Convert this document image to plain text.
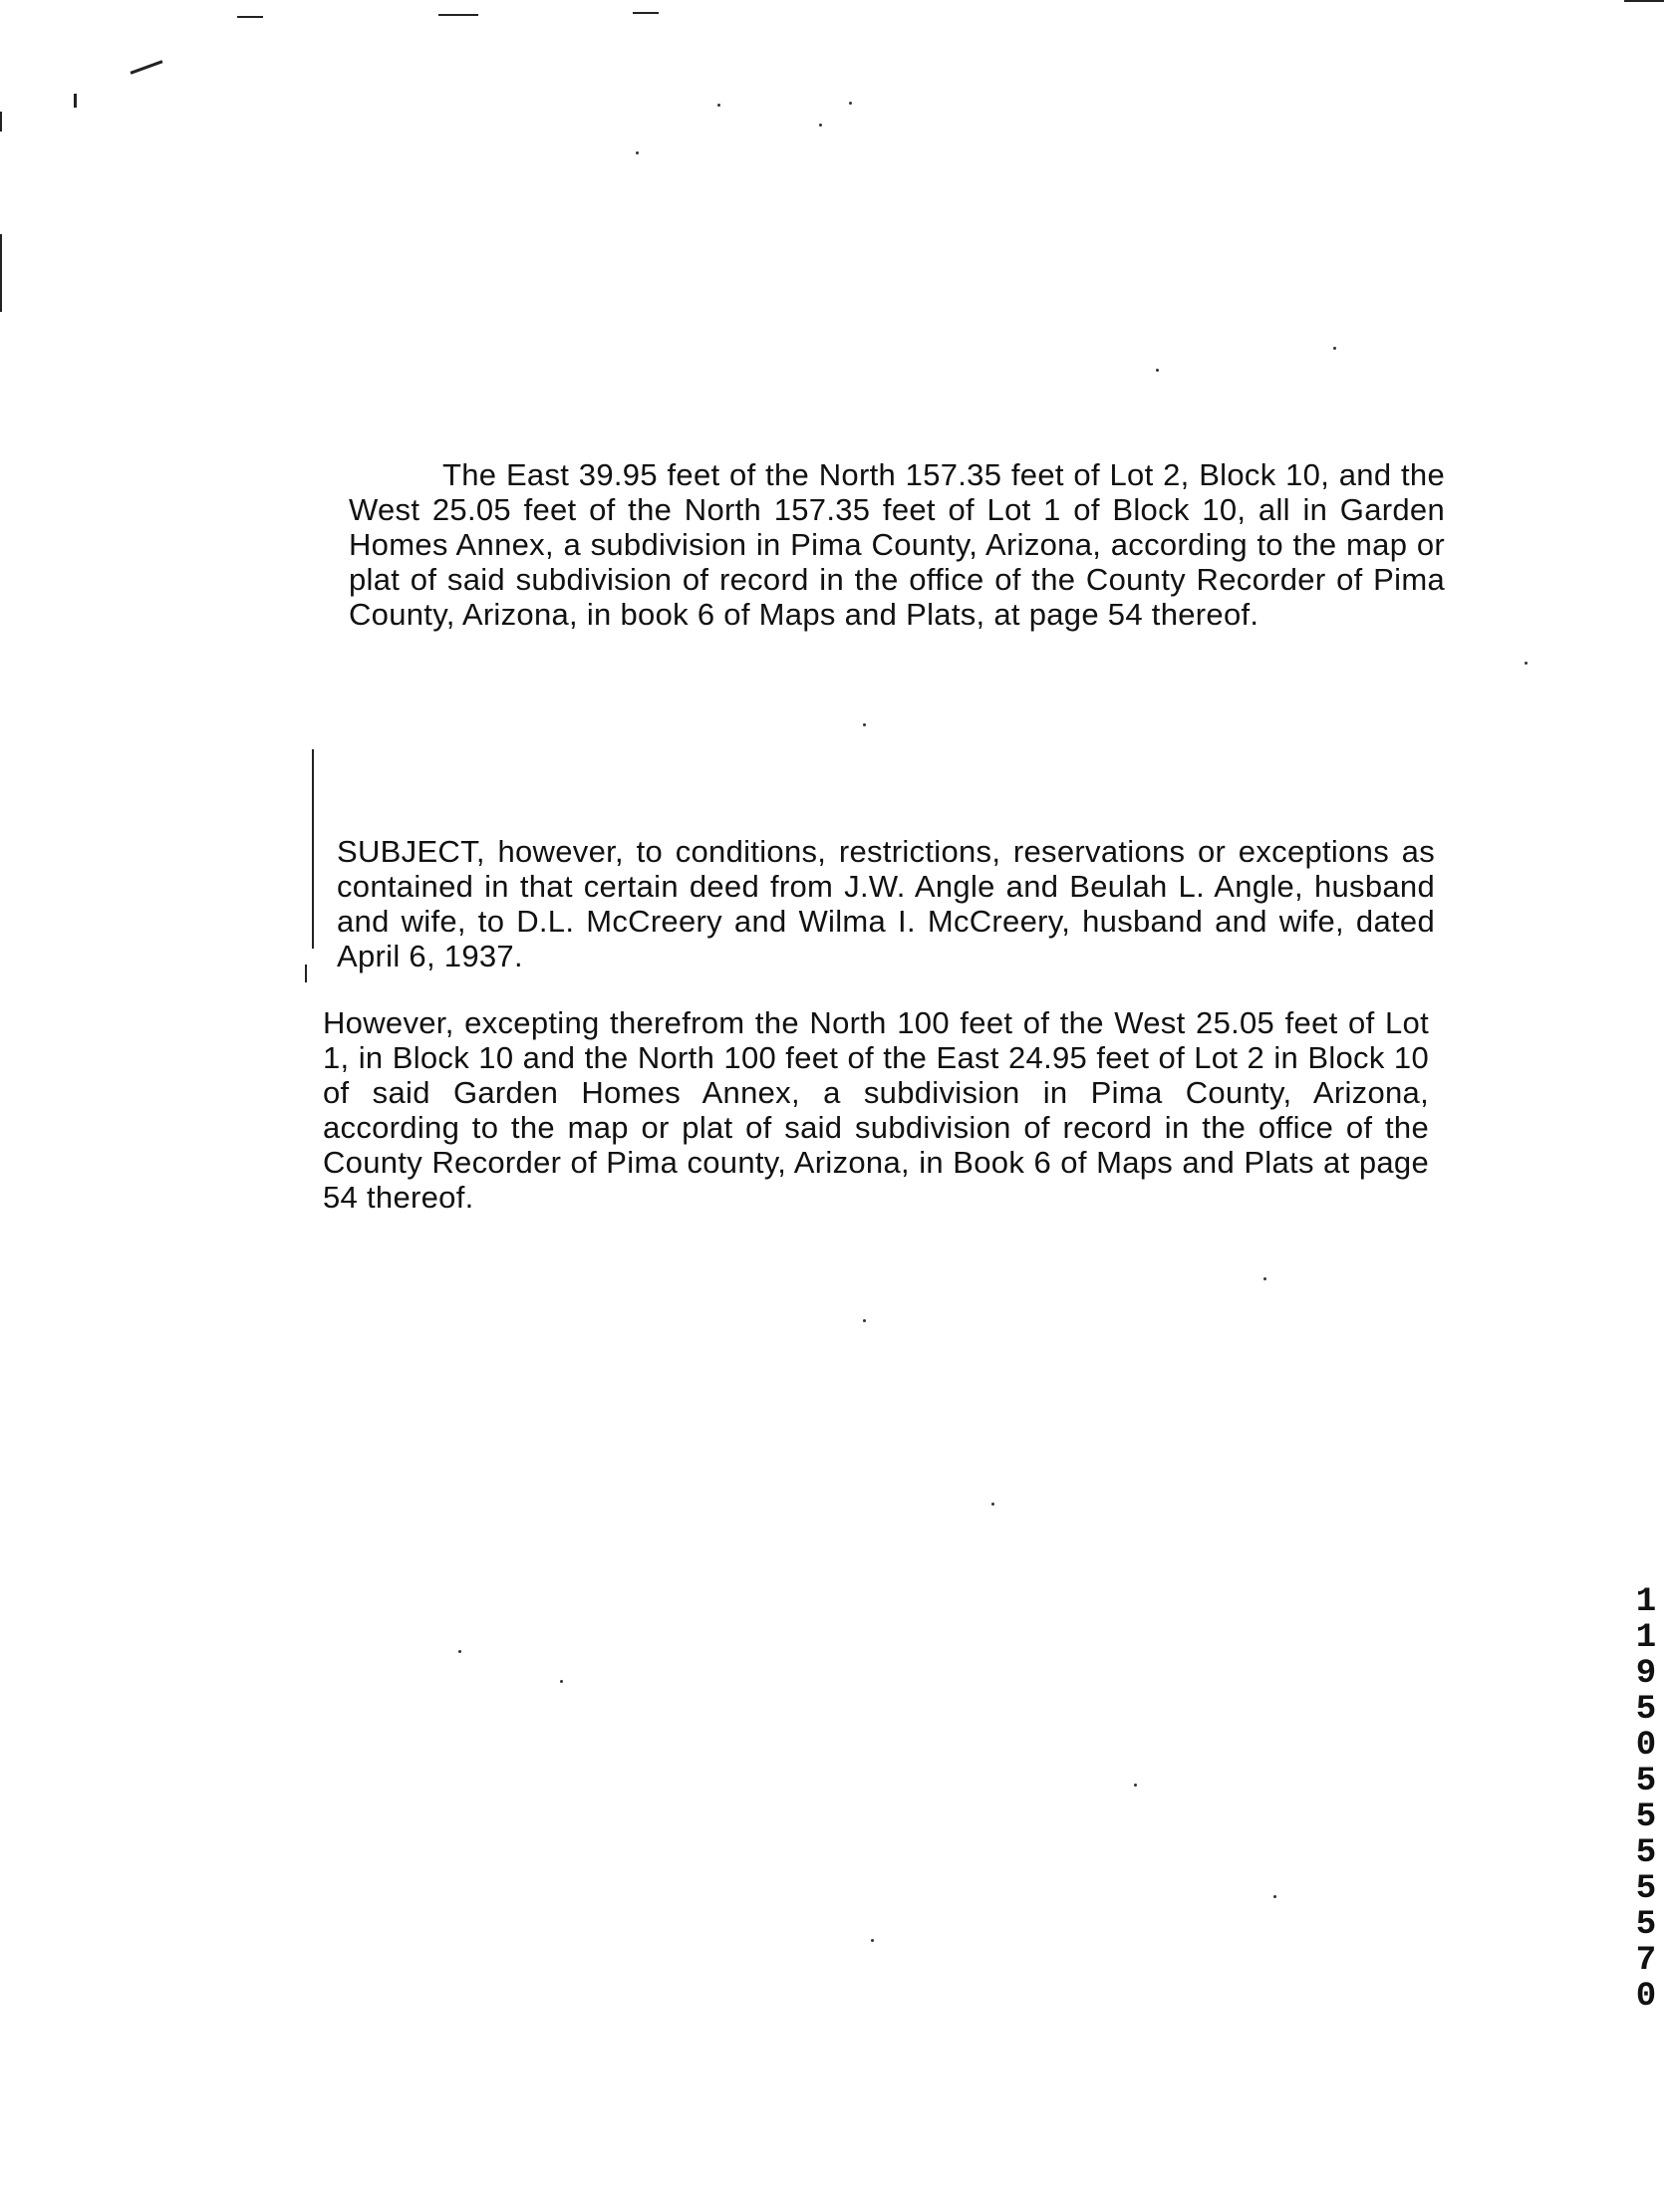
The East 39.95 feet of the North 157.35 feet of Lot 2, Block 10, and the West 25.05 feet of the North 157.35 feet of Lot 1 of Block 10, all in Garden Homes Annex, a subdivision in Pima County, Arizona, according to the map or plat of said subdivision of record in the office of the County Recorder of Pima County, Arizona, in book 6 of Maps and Plats, at page 54 thereof.

SUBJECT, however, to conditions, restrictions, reservations or exceptions as contained in that certain deed from J.W. Angle and Beulah L. Angle, husband and wife, to D.L. McCreery and Wilma I. McCreery, husband and wife, dated April 6, 1937.

However, excepting therefrom the North 100 feet of the West 25.05 feet of Lot 1, in Block 10 and the North 100 feet of the East 24.95 feet of Lot 2 in Block 10 of said Garden Homes Annex, a subdivision in Pima County, Arizona, according to the map or plat of said subdivision of record in the office of the County Recorder of Pima county, Arizona, in Book 6 of Maps and Plats at page 54 thereof.

1195 0555 5570
